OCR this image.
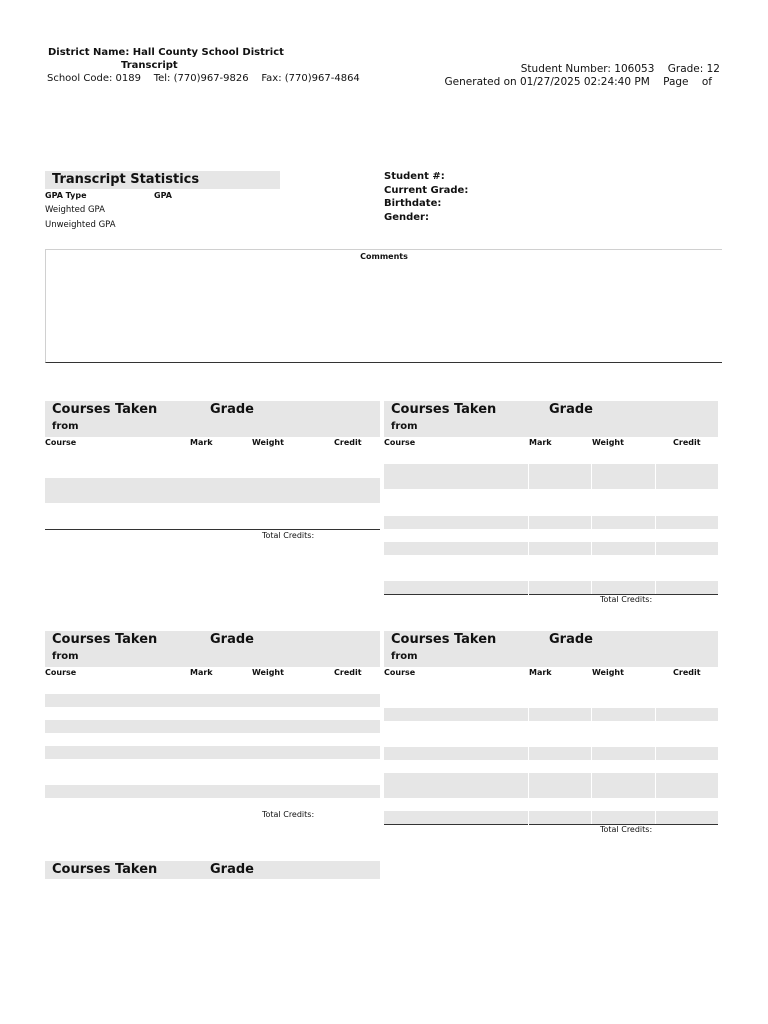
District Name: Hall County School District
Transcript
School Code: 0189    Tel: (770)967-9826    Fax: (770)967-4864
Student Number: 106053    Grade: 12
Generated on 01/27/2025 02:24:40 PM    Page    of
Transcript Statistics
GPA Type	GPA
Weighted GPA
Unweighted GPA
Student #:
Current Grade:
Birthdate:
Gender:
Comments
Courses Taken	Grade
from
Course	Mark	Weight	Credit
Total Credits:
Courses Taken	Grade
from
Course	Mark	Weight	Credit
Total Credits:
Courses Taken	Grade
from
Course	Mark	Weight	Credit
Total Credits:
Courses Taken	Grade
from
Course	Mark	Weight	Credit
Total Credits:
Courses Taken	Grade
